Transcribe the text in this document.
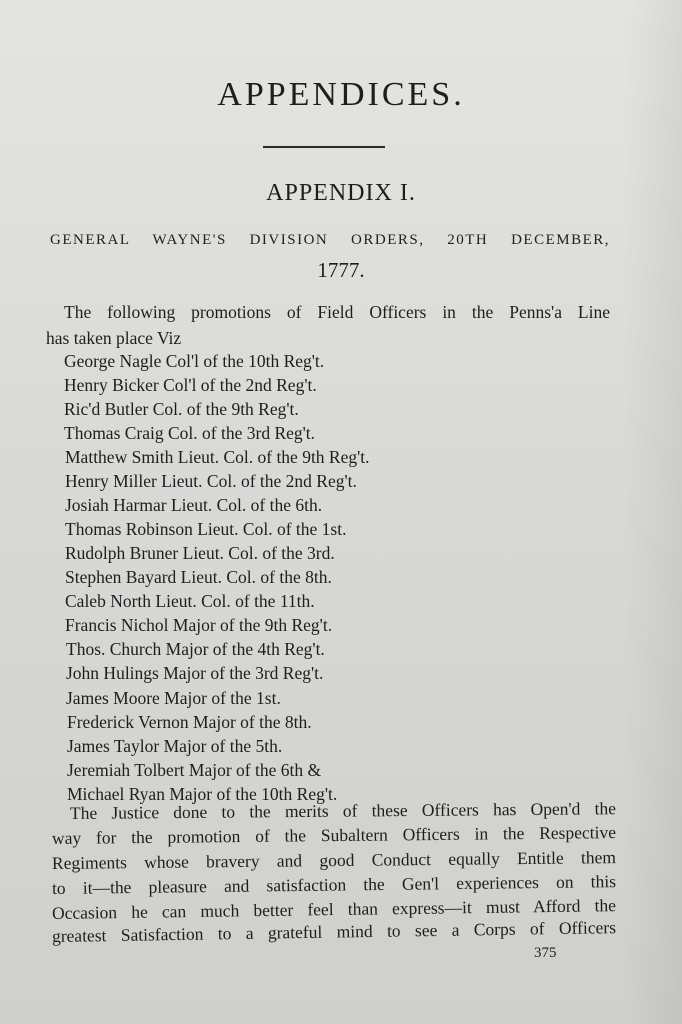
APPENDICES.
APPENDIX I.
GENERAL WAYNE'S DIVISION ORDERS, 20TH DECEMBER,
1777.
The following promotions of Field Officers in the Penns'a Line
has taken place Viz
George Nagle Col'l of the 10th Reg't.
Henry Bicker Col'l of the 2nd Reg't.
Ric'd Butler Col. of the 9th Reg't.
Thomas Craig Col. of the 3rd Reg't.
Matthew Smith Lieut. Col. of the 9th Reg't.
Henry Miller Lieut. Col. of the 2nd Reg't.
Josiah Harmar Lieut. Col. of the 6th.
Thomas Robinson Lieut. Col. of the 1st.
Rudolph Bruner Lieut. Col. of the 3rd.
Stephen Bayard Lieut. Col. of the 8th.
Caleb North Lieut. Col. of the 11th.
Francis Nichol Major of the 9th Reg't.
Thos. Church Major of the 4th Reg't.
John Hulings Major of the 3rd Reg't.
James Moore Major of the 1st.
Frederick Vernon Major of the 8th.
James Taylor Major of the 5th.
Jeremiah Tolbert Major of the 6th &
Michael Ryan Major of the 10th Reg't.
The Justice done to the merits of these Officers has Open'd the
way for the promotion of the Subaltern Officers in the Respective
Regiments whose bravery and good Conduct equally Entitle them
to it—the pleasure and satisfaction the Gen'l experiences on this
Occasion he can much better feel than express—it must Afford the
greatest Satisfaction to a grateful mind to see a Corps of Officers
375
